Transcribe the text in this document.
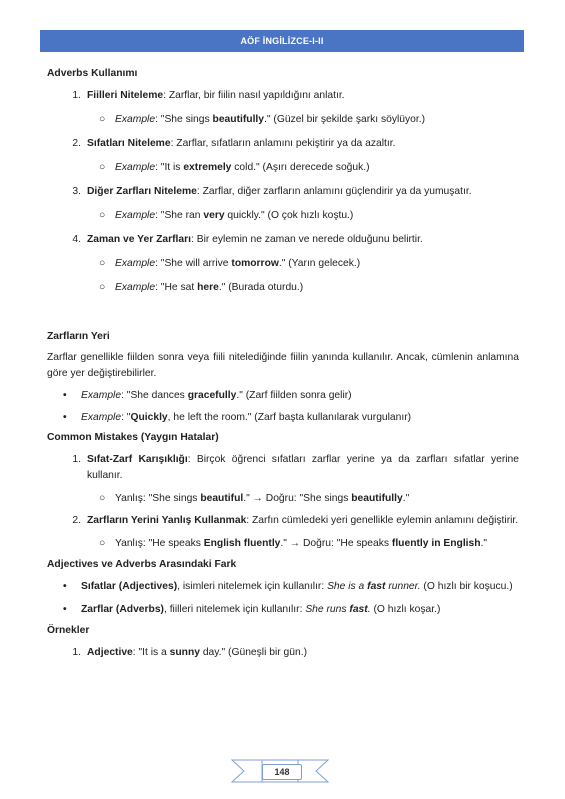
AÖF İNGİLİZCE-I-II
Adverbs Kullanımı
1. Fiilleri Niteleme: Zarflar, bir fiilin nasıl yapıldığını anlatır.
○ Example: "She sings beautifully." (Güzel bir şekilde şarkı söylüyor.)
2. Sıfatları Niteleme: Zarflar, sıfatların anlamını pekiştirir ya da azaltır.
○ Example: "It is extremely cold." (Aşırı derecede soğuk.)
3. Diğer Zarfları Niteleme: Zarflar, diğer zarfların anlamını güçlendirir ya da yumuşatır.
○ Example: "She ran very quickly." (O çok hızlı koştu.)
4. Zaman ve Yer Zarfları: Bir eylemin ne zaman ve nerede olduğunu belirtir.
○ Example: "She will arrive tomorrow." (Yarın gelecek.)
○ Example: "He sat here." (Burada oturdu.)
Zarfların Yeri

Zarflar genellikle fiilden sonra veya fiili nitelediğinde fiilin yanında kullanılır. Ancak, cümlenin anlamına göre yer değiştirebilirler.

•	Example: "She dances gracefully." (Zarf fiilden sonra gelir)
•	Example: "Quickly, he left the room." (Zarf başta kullanılarak vurgulanır)
Common Mistakes (Yaygın Hatalar)
1. Sıfat-Zarf Karışıklığı: Birçok öğrenci sıfatları zarflar yerine ya da zarfları sıfatlar yerine kullanır.
○ Yanlış: "She sings beautiful." → Doğru: "She sings beautifully."
2. Zarfların Yerini Yanlış Kullanmak: Zarfın cümledeki yeri genellikle eylemin anlamını değiştirir.
○ Yanlış: "He speaks English fluently." → Doğru: "He speaks fluently in English."
Adjectives ve Adverbs Arasındaki Fark
•	Sıfatlar (Adjectives), isimleri nitelemek için kullanılır: She is a fast runner. (O hızlı bir koşucu.)
•	Zarflar (Adverbs), fiilleri nitelemek için kullanılır: She runs fast. (O hızlı koşar.)
Örnekler
1. Adjective: "It is a sunny day." (Güneşli bir gün.)
148
